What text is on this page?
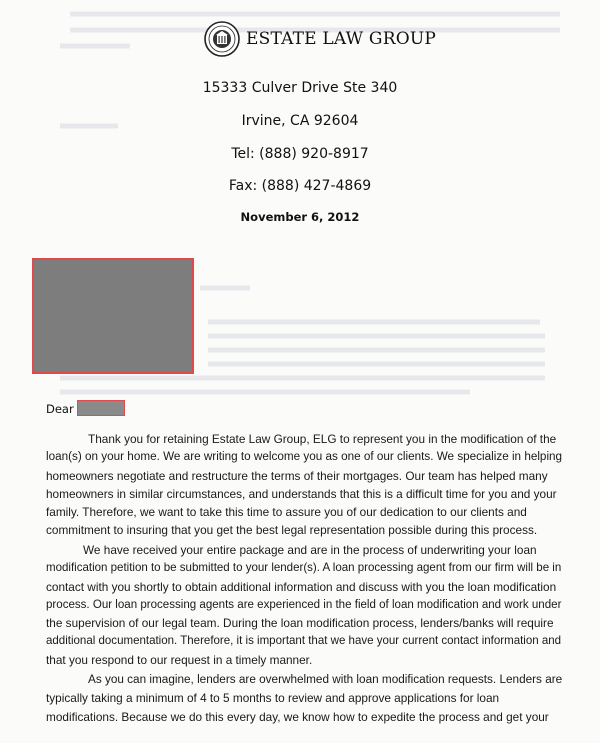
ESTATE LAW GROUP
15333 Culver Drive Ste 340
Irvine, CA 92604
Tel: (888) 920-8917
Fax: (888) 427-4869
November 6, 2012
Dear
Thank you for retaining Estate Law Group, ELG to represent you in the modification of the
loan(s) on your home. We are writing to welcome you as one of our clients. We specialize in helping
homeowners negotiate and restructure the terms of their mortgages. Our team has helped many
homeowners in similar circumstances, and understands that this is a difficult time for you and your
family. Therefore, we want to take this time to assure you of our dedication to our clients and
commitment to insuring that you get the best legal representation possible during this process.
We have received your entire package and are in the process of underwriting your loan
modification petition to be submitted to your lender(s). A loan processing agent from our firm will be in
contact with you shortly to obtain additional information and discuss with you the loan modification
process. Our loan processing agents are experienced in the field of loan modification and work under
the supervision of our legal team. During the loan modification process, lenders/banks will require
additional documentation. Therefore, it is important that we have your current contact information and
that you respond to our request in a timely manner.
As you can imagine, lenders are overwhelmed with loan modification requests. Lenders are
typically taking a minimum of 4 to 5 months to review and approve applications for loan
modifications. Because we do this every day, we know how to expedite the process and get your
